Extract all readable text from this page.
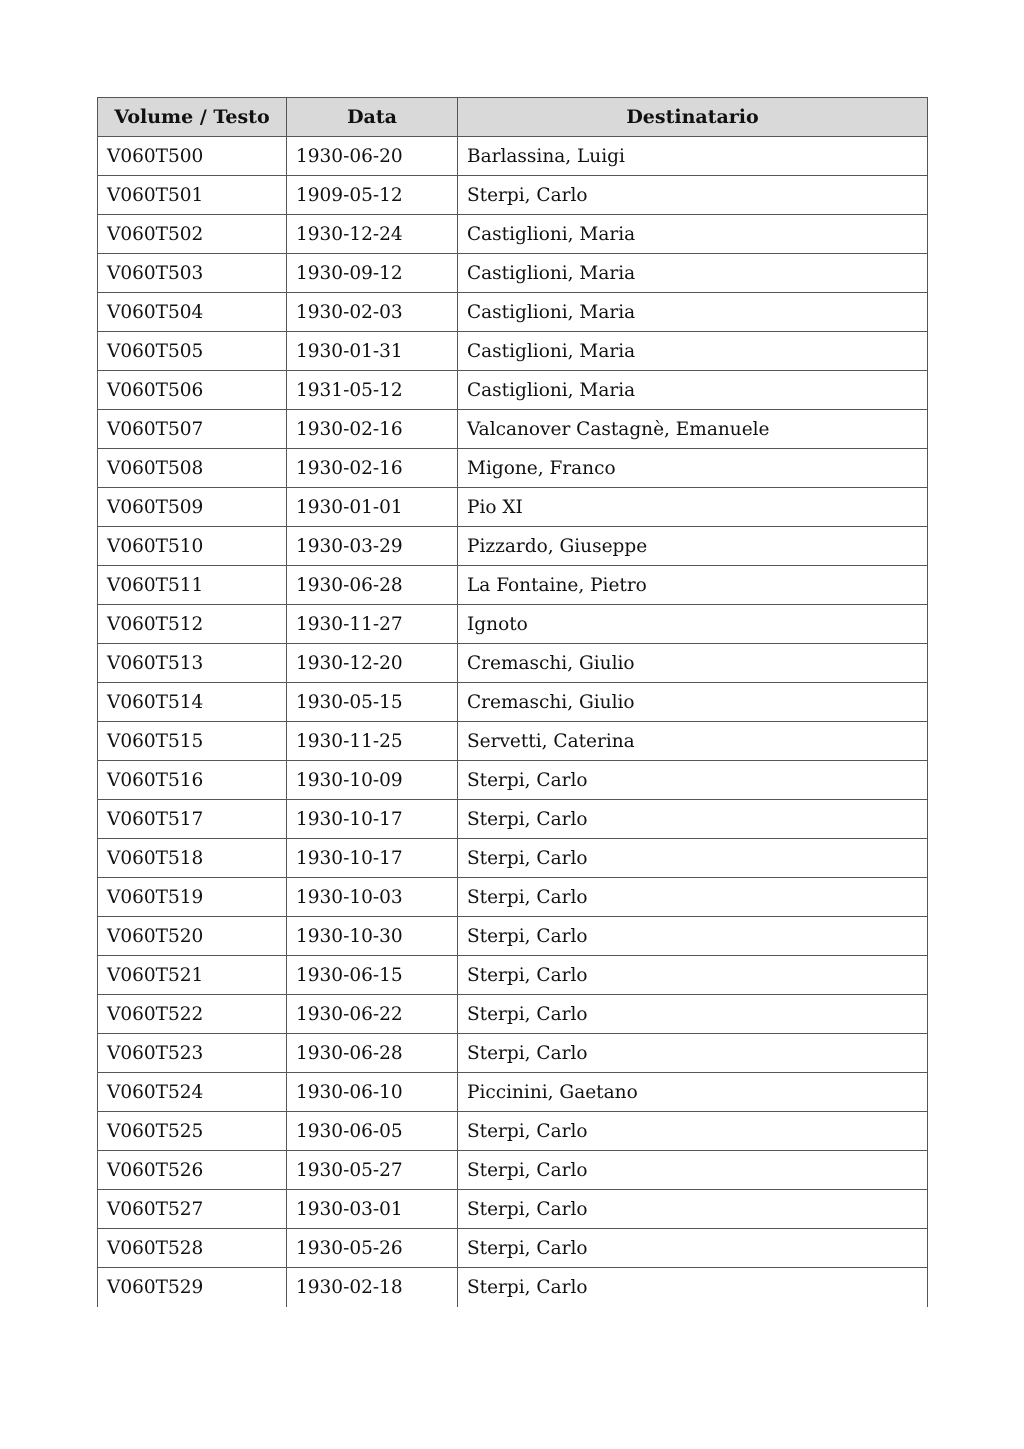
Volume / Testo	Data	Destinatario
V060T500	1930-06-20	Barlassina, Luigi
V060T501	1909-05-12	Sterpi, Carlo
V060T502	1930-12-24	Castiglioni, Maria
V060T503	1930-09-12	Castiglioni, Maria
V060T504	1930-02-03	Castiglioni, Maria
V060T505	1930-01-31	Castiglioni, Maria
V060T506	1931-05-12	Castiglioni, Maria
V060T507	1930-02-16	Valcanover Castagnè, Emanuele
V060T508	1930-02-16	Migone, Franco
V060T509	1930-01-01	Pio XI
V060T510	1930-03-29	Pizzardo, Giuseppe
V060T511	1930-06-28	La Fontaine, Pietro
V060T512	1930-11-27	Ignoto
V060T513	1930-12-20	Cremaschi, Giulio
V060T514	1930-05-15	Cremaschi, Giulio
V060T515	1930-11-25	Servetti, Caterina
V060T516	1930-10-09	Sterpi, Carlo
V060T517	1930-10-17	Sterpi, Carlo
V060T518	1930-10-17	Sterpi, Carlo
V060T519	1930-10-03	Sterpi, Carlo
V060T520	1930-10-30	Sterpi, Carlo
V060T521	1930-06-15	Sterpi, Carlo
V060T522	1930-06-22	Sterpi, Carlo
V060T523	1930-06-28	Sterpi, Carlo
V060T524	1930-06-10	Piccinini, Gaetano
V060T525	1930-06-05	Sterpi, Carlo
V060T526	1930-05-27	Sterpi, Carlo
V060T527	1930-03-01	Sterpi, Carlo
V060T528	1930-05-26	Sterpi, Carlo
V060T529	1930-02-18	Sterpi, Carlo
